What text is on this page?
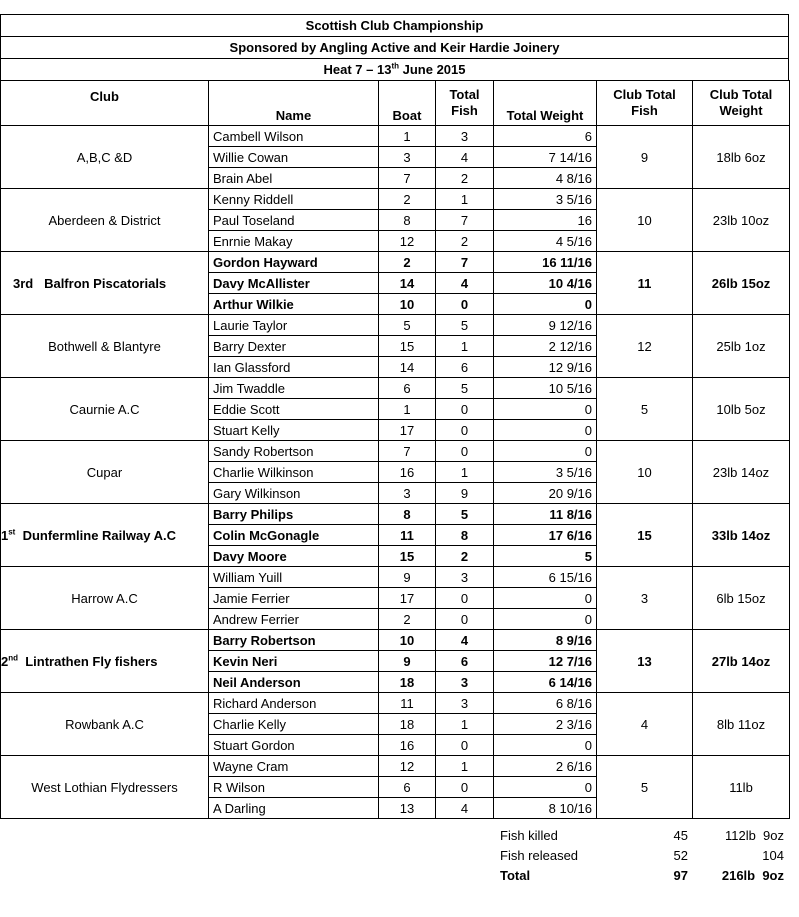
Scottish Club Championship
Sponsored by Angling Active and Keir Hardie Joinery
Heat 7 – 13th June 2015
Club	Name	Boat	Total Fish	Total Weight	Club Total Fish	Club Total Weight
A,B,C &D	Cambell Wilson	1	3	6	9	18lb 6oz
	Willie Cowan	3	4	7 14/16		
	Brain Abel	7	2	4 8/16		
Aberdeen & District	Kenny Riddell	2	1	3 5/16	10	23lb 10oz
	Paul Toseland	8	7	16		
	Enrnie Makay	12	2	4 5/16		
3rd   Balfron Piscatorials	Gordon Hayward	2	7	16 11/16	11	26lb 15oz
	Davy McAllister	14	4	10 4/16		
	Arthur Wilkie	10	0	0		
Bothwell & Blantyre	Laurie Taylor	5	5	9 12/16	12	25lb 1oz
	Barry Dexter	15	1	2 12/16		
	Ian Glassford	14	6	12 9/16		
Caurnie A.C	Jim Twaddle	6	5	10 5/16	5	10lb 5oz
	Eddie Scott	1	0	0		
	Stuart Kelly	17	0	0		
Cupar	Sandy Robertson	7	0	0	10	23lb 14oz
	Charlie Wilkinson	16	1	3 5/16		
	Gary Wilkinson	3	9	20 9/16		
1st  Dunfermline Railway A.C	Barry Philips	8	5	11 8/16	15	33lb 14oz
	Colin McGonagle	11	8	17 6/16		
	Davy Moore	15	2	5		
Harrow A.C	William Yuill	9	3	6 15/16	3	6lb 15oz
	Jamie Ferrier	17	0	0		
	Andrew Ferrier	2	0	0		
2nd  Lintrathen Fly fishers	Barry Robertson	10	4	8 9/16	13	27lb 14oz
	Kevin Neri	9	6	12 7/16		
	Neil Anderson	18	3	6 14/16		
Rowbank A.C	Richard Anderson	11	3	6 8/16	4	8lb 11oz
	Charlie Kelly	18	1	2 3/16		
	Stuart Gordon	16	0	0		
West Lothian Flydressers	Wayne Cram	12	1	2 6/16	5	11lb
	R Wilson	6	0	0		
	A Darling	13	4	8 10/16		
Fish killed	45	112lb  9oz
Fish released	52	104
Total	97	216lb  9oz
